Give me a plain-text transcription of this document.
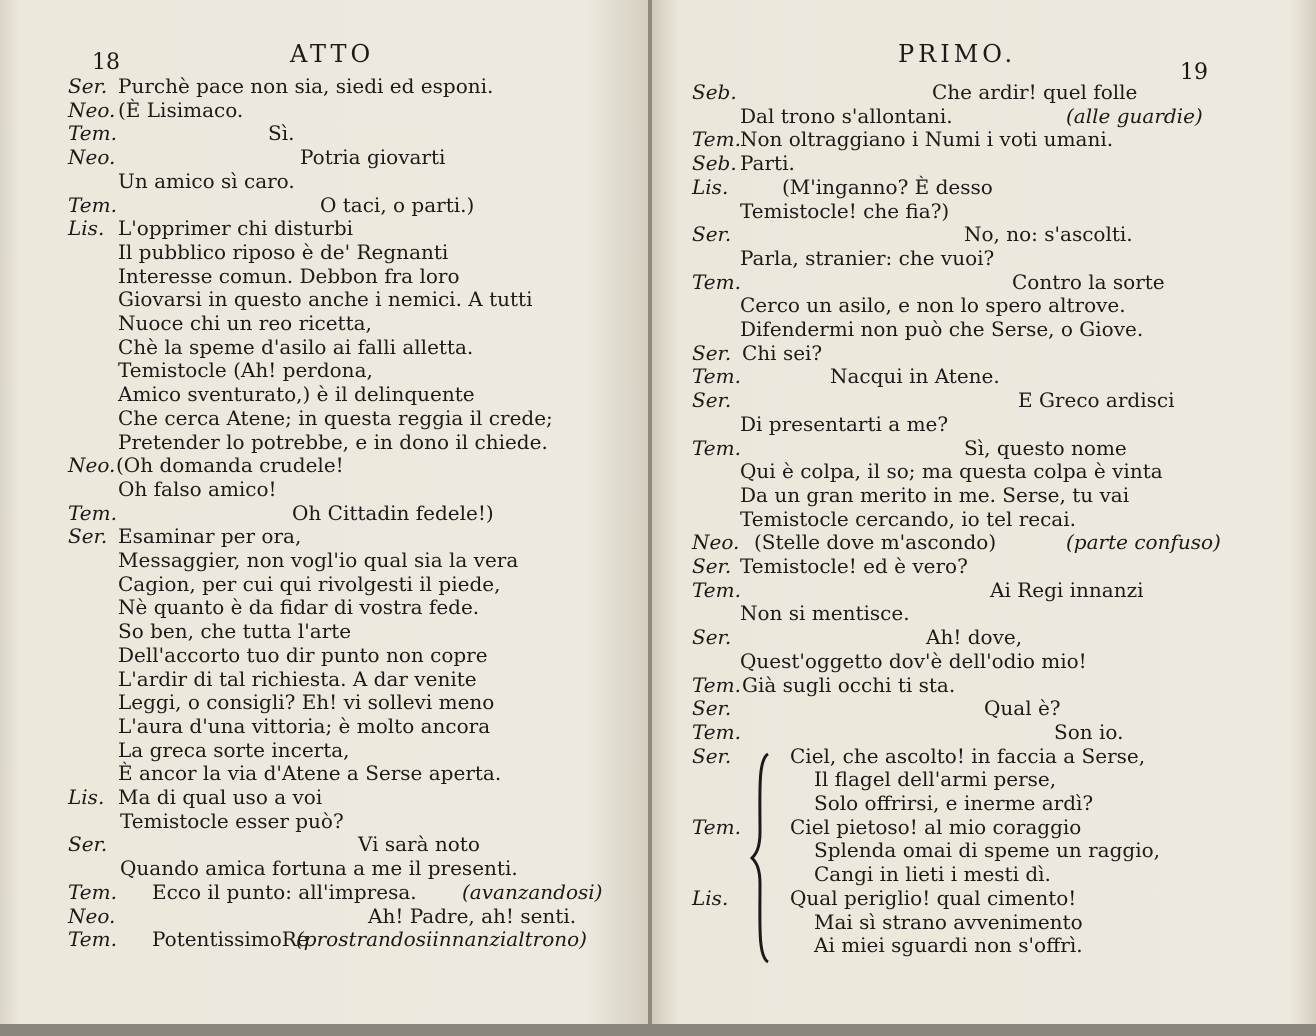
18	ATTO
Ser. Purchè pace non sia, siedi ed esponi.
Neo. (È Lisimaco.
Tem.	Sì.
Neo.	Potria giovarti
Un amico sì caro.
Tem.	O taci, o parti.)
Lis. L'opprimer chi disturbi
Il pubblico riposo è de' Regnanti
Interesse comun. Debbon fra loro
Giovarsi in questo anche i nemici. A tutti
Nuoce chi un reo ricetta,
Chè la speme d'asilo ai falli alletta.
Temistocle (Ah! perdona,
Amico sventurato,) è il delinquente
Che cerca Atene; in questa reggia il crede;
Pretender lo potrebbe, e in dono il chiede.
Neo. (Oh domanda crudele!
Oh falso amico!
Tem.	Oh Cittadin fedele!)
Ser. Esaminar per ora,
Messaggier, non vogl'io qual sia la vera
Cagion, per cui qui rivolgesti il piede,
Nè quanto è da fidar di vostra fede.
So ben, che tutta l'arte
Dell'accorto tuo dir punto non copre
L'ardir di tal richiesta. A dar venite
Leggi, o consigli? Eh! vi sollevi meno
L'aura d'una vittoria; è molto ancora
La greca sorte incerta,
È ancor la via d'Atene a Serse aperta.
Lis. Ma di qual uso a voi
Temistocle esser può?
Ser.	Vi sarà noto
Quando amica fortuna a me il presenti.
Tem. Ecco il punto: all'impresa. (avanzandosi)
Neo.	Ah! Padre, ah! senti.
Tem. PotentissimoRe
(prostrandosiinnanzialtrono)
PRIMO.
19
Seb.	Che ardir! quel folle
Dal trono s'allontani.	(alle guardie)
Tem. Non oltraggiano i Numi i voti umani.
Seb. Parti.
Lis.	(M'inganno? È desso
Temistocle! che fia?)
Ser.	No, no: s'ascolti.
Parla, stranier: che vuoi?
Tem.	Contro la sorte
Cerco un asilo, e non lo spero altrove.
Difendermi non può che Serse, o Giove.
Ser. Chi sei?
Tem.	Nacqui in Atene.
Ser.	E Greco ardisci
Di presentarti a me?
Tem.	Sì, questo nome
Qui è colpa, il so; ma questa colpa è vinta
Da un gran merito in me. Serse, tu vai
Temistocle cercando, io tel recai.
Neo. (Stelle dove m'ascondo)	(parte confuso)
Ser. Temistocle! ed è vero?
Tem.	Ai Regi innanzi
Non si mentisce.
Ser.	Ah! dove,
Quest'oggetto dov'è dell'odio mio!
Tem. Già sugli occhi ti sta.
Ser.	Qual è?
Tem.	Son io.
Ser.	Ciel, che ascolto! in faccia a Serse,
Il flagel dell'armi perse,
Solo offrirsi, e inerme ardì?
Tem. Ciel pietoso! al mio coraggio
Splenda omai di speme un raggio,
Cangi in lieti i mesti dì.
Lis.	Qual periglio! qual cimento!
Mai sì strano avvenimento
Ai miei sguardi non s'offrì.
